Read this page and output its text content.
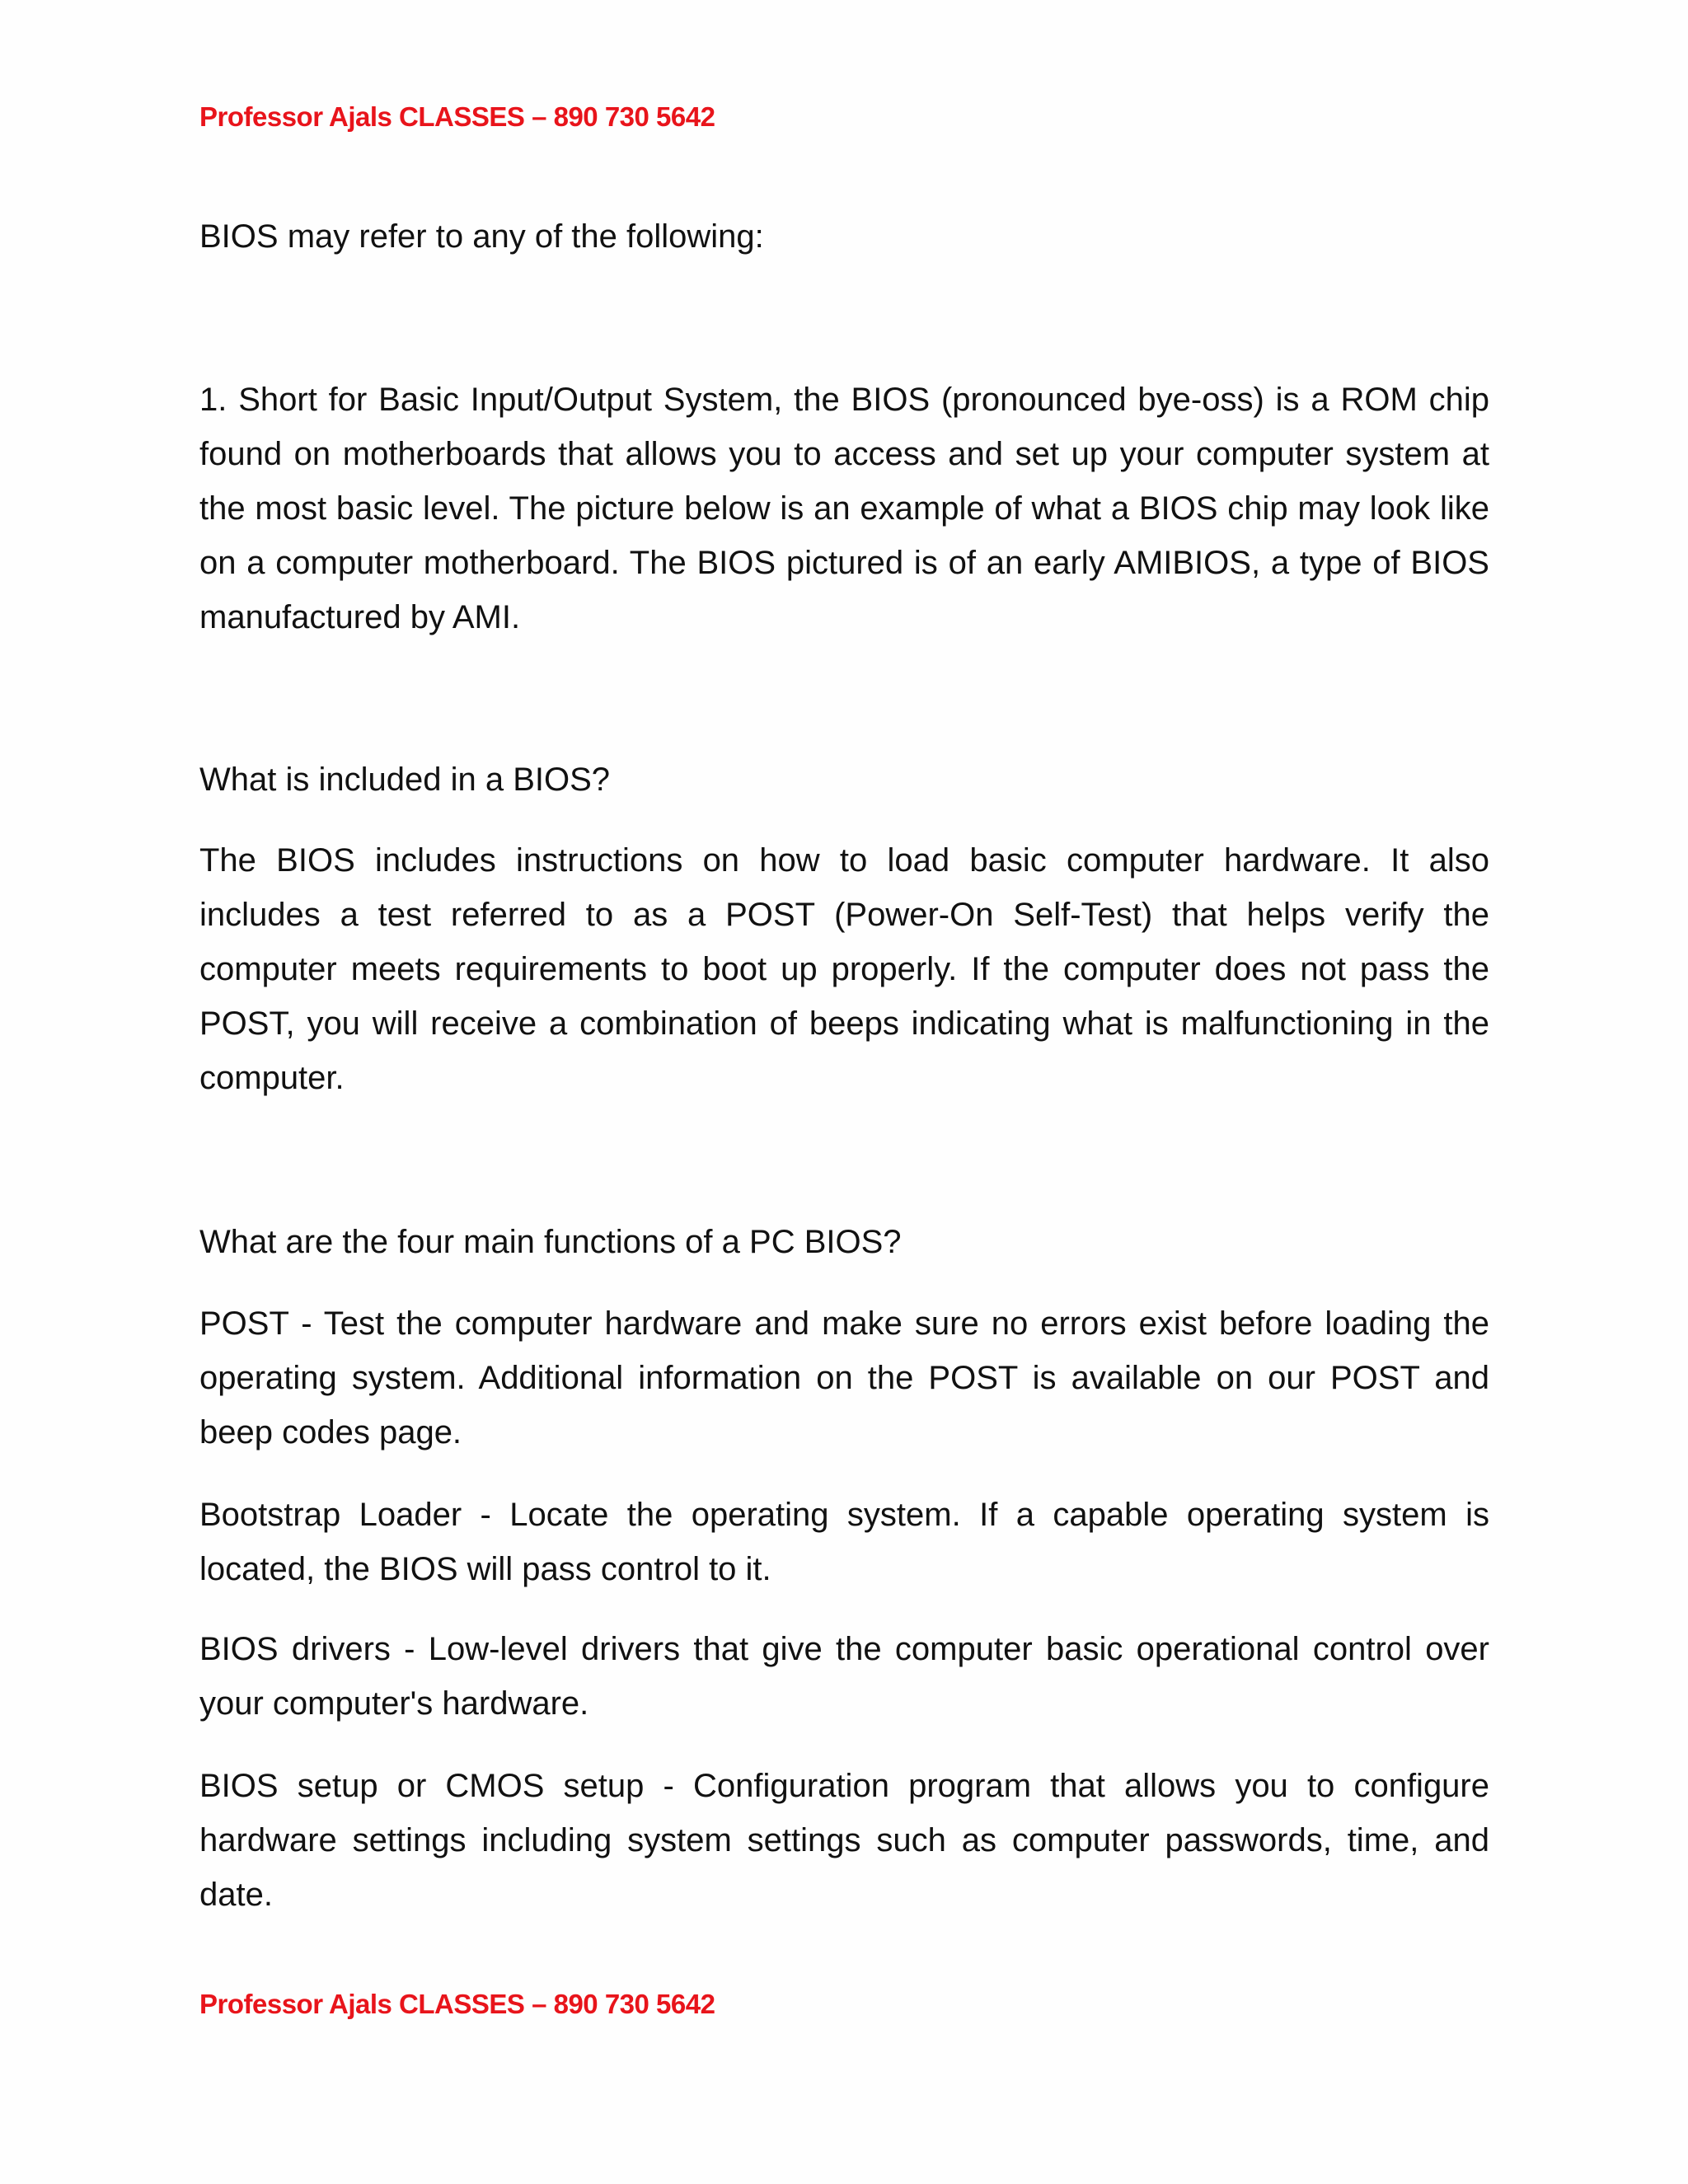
Professor Ajals CLASSES – 890 730 5642

BIOS may refer to any of the following:

1. Short for Basic Input/Output System, the BIOS (pronounced bye-oss) is a ROM chip found on motherboards that allows you to access and set up your computer system at the most basic level. The picture below is an example of what a BIOS chip may look like on a computer motherboard. The BIOS pictured is of an early AMIBIOS, a type of BIOS manufactured by AMI.

What is included in a BIOS?

The BIOS includes instructions on how to load basic computer hardware. It also includes a test referred to as a POST (Power-On Self-Test) that helps verify the computer meets requirements to boot up properly. If the computer does not pass the POST, you will receive a combination of beeps indicating what is malfunctioning in the computer.

What are the four main functions of a PC BIOS?

POST - Test the computer hardware and make sure no errors exist before loading the operating system. Additional information on the POST is available on our POST and beep codes page.

Bootstrap Loader - Locate the operating system. If a capable operating system is located, the BIOS will pass control to it.

BIOS drivers - Low-level drivers that give the computer basic operational control over your computer's hardware.

BIOS setup or CMOS setup - Configuration program that allows you to configure hardware settings including system settings such as computer passwords, time, and date.

Professor Ajals CLASSES – 890 730 5642
